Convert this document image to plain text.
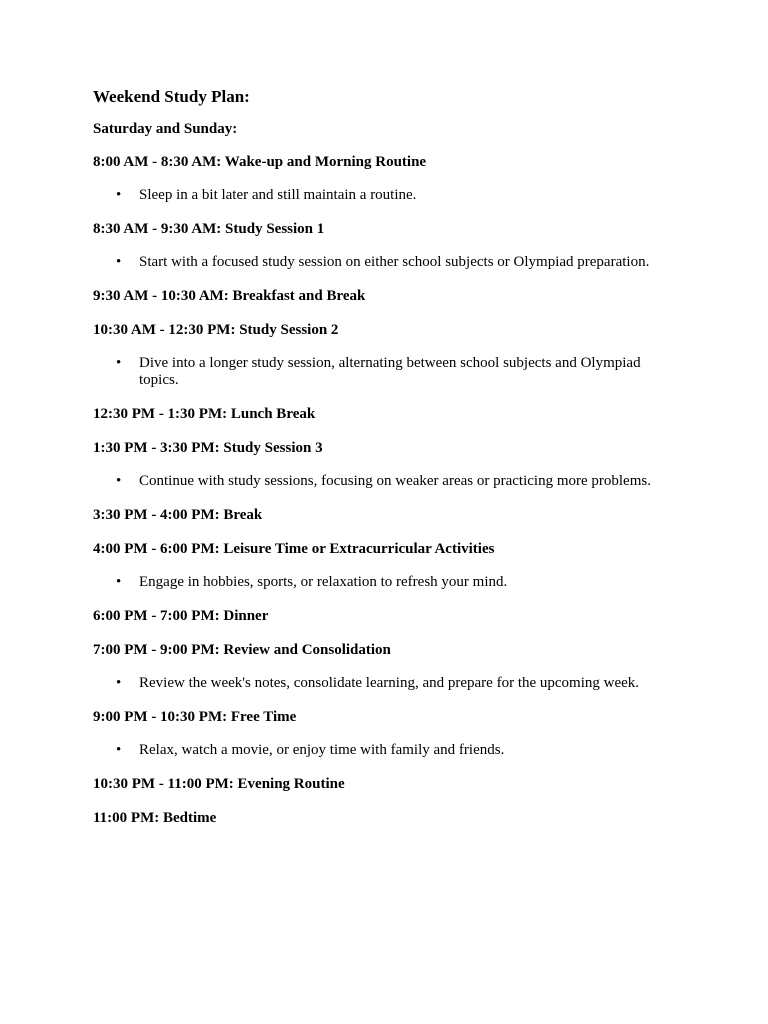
Weekend Study Plan:
Saturday and Sunday:
8:00 AM - 8:30 AM: Wake-up and Morning Routine
• Sleep in a bit later and still maintain a routine.
8:30 AM - 9:30 AM: Study Session 1
• Start with a focused study session on either school subjects or Olympiad preparation.
9:30 AM - 10:30 AM: Breakfast and Break
10:30 AM - 12:30 PM: Study Session 2
• Dive into a longer study session, alternating between school subjects and Olympiad topics.
12:30 PM - 1:30 PM: Lunch Break
1:30 PM - 3:30 PM: Study Session 3
• Continue with study sessions, focusing on weaker areas or practicing more problems.
3:30 PM - 4:00 PM: Break
4:00 PM - 6:00 PM: Leisure Time or Extracurricular Activities
• Engage in hobbies, sports, or relaxation to refresh your mind.
6:00 PM - 7:00 PM: Dinner
7:00 PM - 9:00 PM: Review and Consolidation
• Review the week's notes, consolidate learning, and prepare for the upcoming week.
9:00 PM - 10:30 PM: Free Time
• Relax, watch a movie, or enjoy time with family and friends.
10:30 PM - 11:00 PM: Evening Routine
11:00 PM: Bedtime
